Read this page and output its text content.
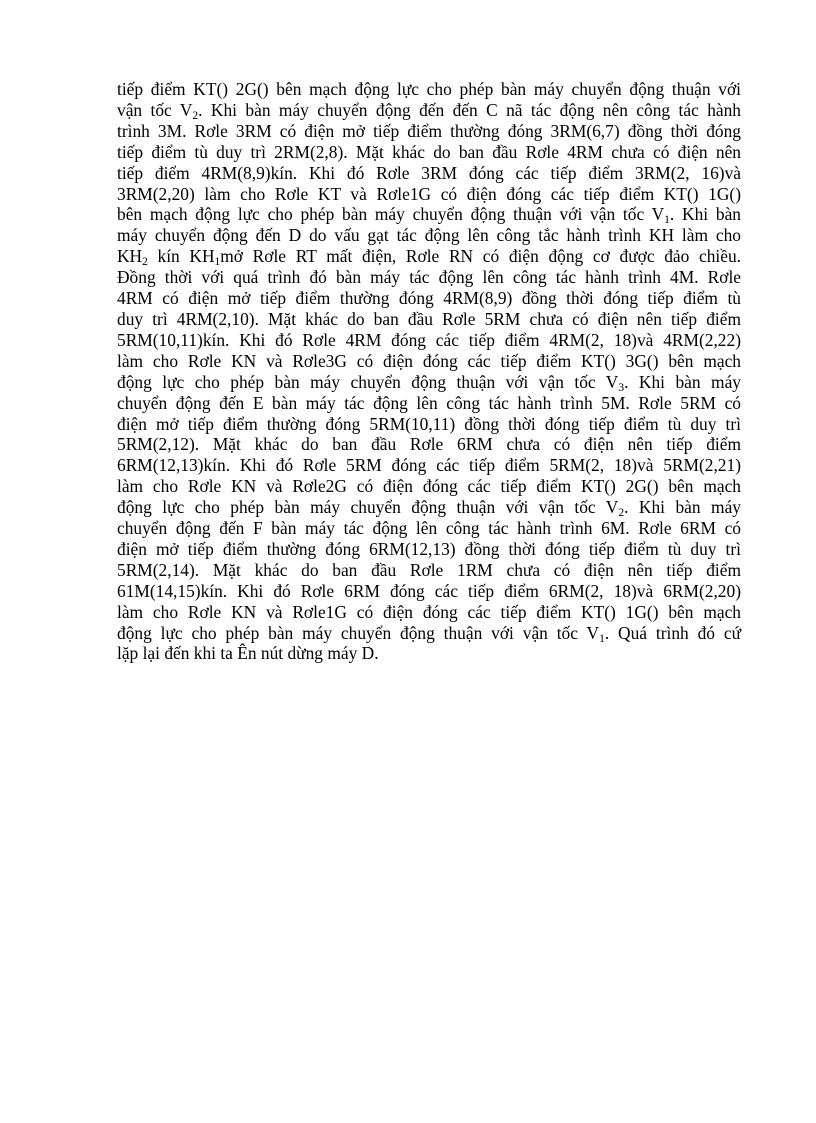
tiếp điểm KT() 2G() bên mạch động lực cho phép bàn máy chuyển động thuận với
vận tốc $V_2$. Khi bàn máy chuyển động đến đến C nã tác động nên công tác hành
trình 3M. Rơle 3RM có điện mở tiếp điểm thường đóng 3RM(6,7) đồng thời đóng
tiếp điểm tù duy trì 2RM(2,8). Mặt khác do ban đầu Rơle 4RM chưa có điện nên
tiếp điểm 4RM(8,9)kín. Khi đó Rơle 3RM đóng các tiếp điểm 3RM(2, 16)và
3RM(2,20) làm cho Rơle KT và Rơle1G có điện đóng các tiếp điểm KT() 1G()
bên mạch động lực cho phép bàn máy chuyển động thuận với vận tốc $V_1$. Khi bàn
máy chuyển động đến D do vấu gạt tác động lên công tắc hành trình KH làm cho
$KH_2$ kín $KH_1mở$ Rơle RT mất điện, Rơle RN có điện động cơ được đảo chiều.
Đồng thời với quá trình đó bàn máy tác động lên công tác hành trình 4M. Rơle
4RM có điện mở tiếp điểm thường đóng 4RM(8,9) đồng thời đóng tiếp điểm tù
duy trì 4RM(2,10). Mặt khác do ban đầu Rơle 5RM chưa có điện nên tiếp điểm
5RM(10,11)kín. Khi đó Rơle 4RM đóng các tiếp điểm 4RM(2, 18)và 4RM(2,22)
làm cho Rơle KN và Rơle3G có điện đóng các tiếp điểm KT() 3G() bên mạch
động lực cho phép bàn máy chuyển động thuận với vận tốc $V_3$. Khi bàn máy
chuyển động đến E bàn máy tác động lên công tác hành trình 5M. Rơle 5RM có
điện mở tiếp điểm thường đóng 5RM(10,11) đồng thời đóng tiếp điểm tù duy trì
5RM(2,12). Mặt khác do ban đầu Rơle 6RM chưa có điện nên tiếp điểm
6RM(12,13)kín. Khi đó Rơle 5RM đóng các tiếp điểm 5RM(2, 18)và 5RM(2,21)
làm cho Rơle KN và Rơle2G có điện đóng các tiếp điểm KT() 2G() bên mạch
động lực cho phép bàn máy chuyển động thuận với vận tốc $V_2$. Khi bàn máy
chuyển động đến F bàn máy tác động lên công tác hành trình 6M. Rơle 6RM có
điện mở tiếp điểm thường đóng 6RM(12,13) đồng thời đóng tiếp điểm tù duy trì
5RM(2,14). Mặt khác do ban đầu Rơle 1RM chưa có điện nên tiếp điểm
61M(14,15)kín. Khi đó Rơle 6RM đóng các tiếp điểm 6RM(2, 18)và 6RM(2,20)
làm cho Rơle KN và Rơle1G có điện đóng các tiếp điểm KT() 1G() bên mạch
động lực cho phép bàn máy chuyển động thuận với vận tốc $V_1$. Quá trình đó cứ
lặp lại đến khi ta Ên nút dừng máy D.
